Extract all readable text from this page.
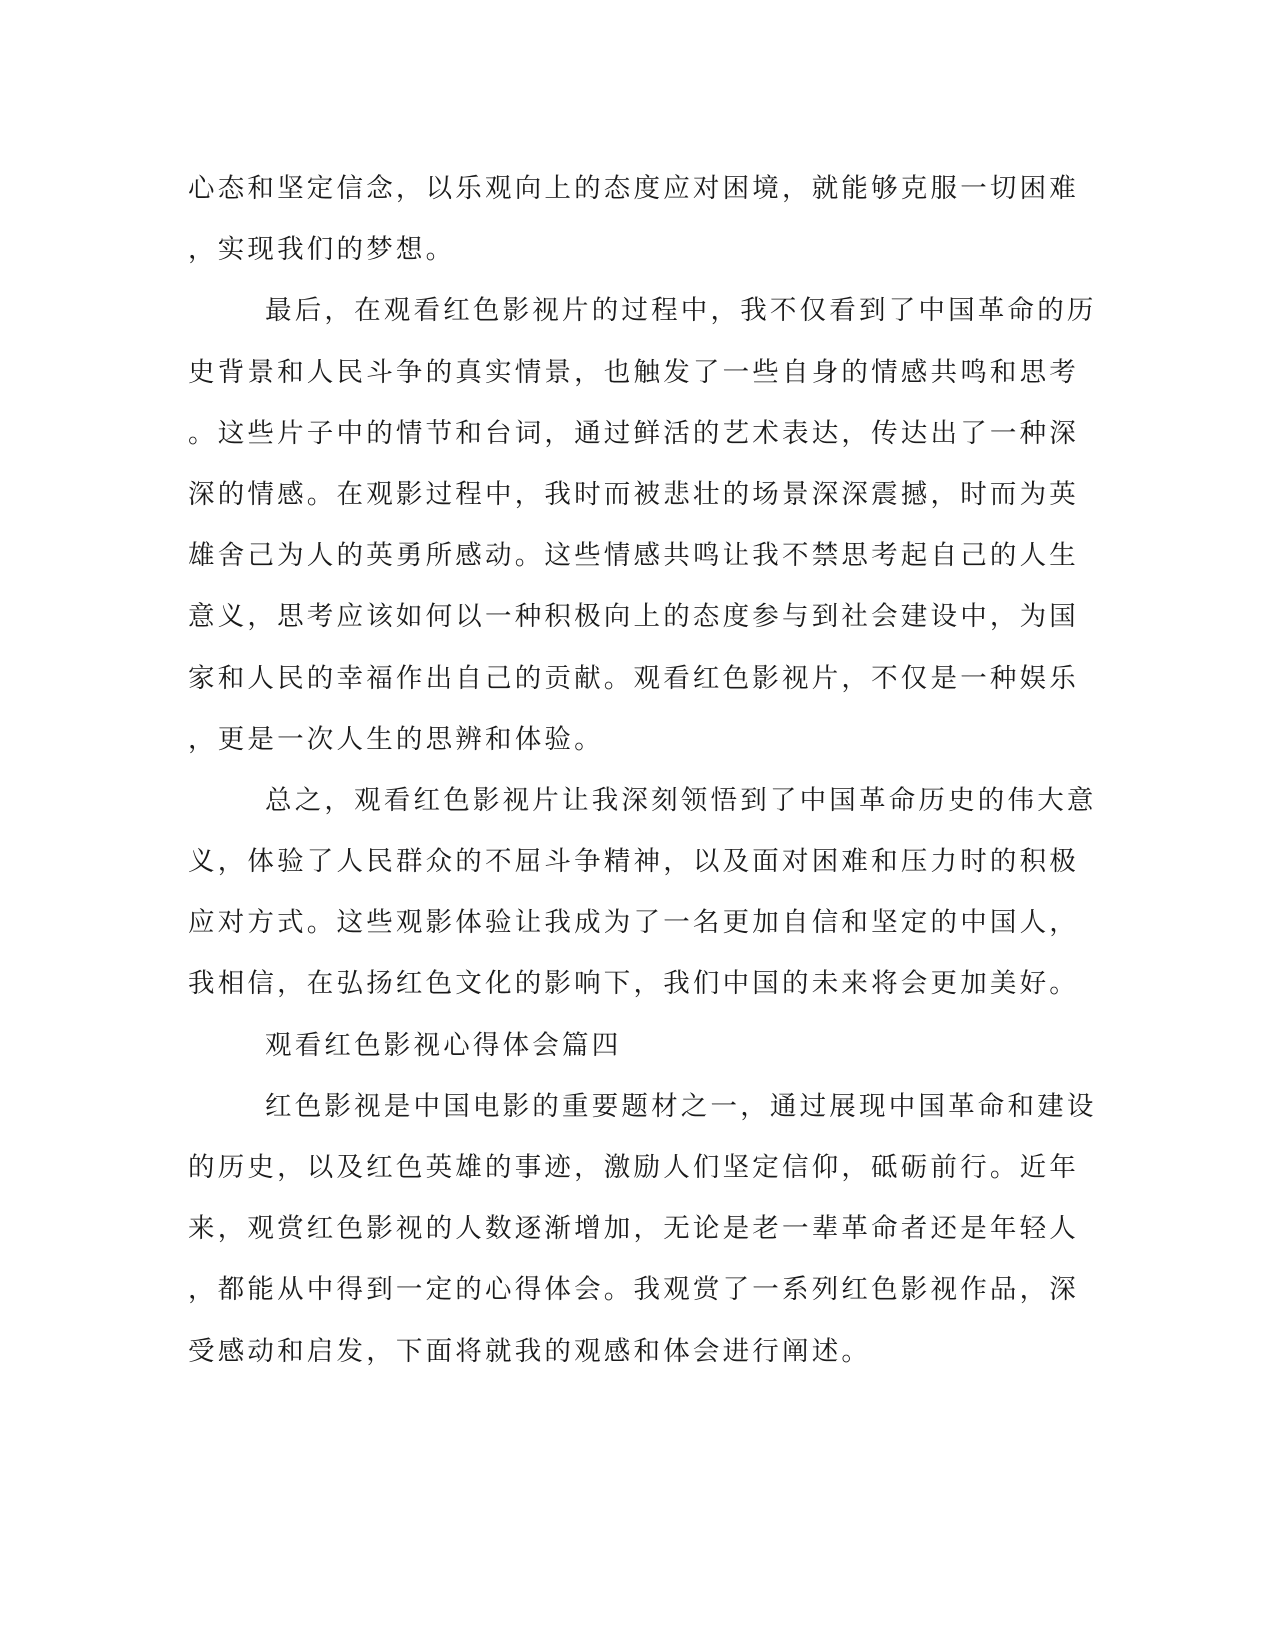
心态和坚定信念，以乐观向上的态度应对困境，就能够克服一切困难
，实现我们的梦想。
最后，在观看红色影视片的过程中，我不仅看到了中国革命的历
史背景和人民斗争的真实情景，也触发了一些自身的情感共鸣和思考
。这些片子中的情节和台词，通过鲜活的艺术表达，传达出了一种深
深的情感。在观影过程中，我时而被悲壮的场景深深震撼，时而为英
雄舍己为人的英勇所感动。这些情感共鸣让我不禁思考起自己的人生
意义，思考应该如何以一种积极向上的态度参与到社会建设中，为国
家和人民的幸福作出自己的贡献。观看红色影视片，不仅是一种娱乐
，更是一次人生的思辨和体验。
总之，观看红色影视片让我深刻领悟到了中国革命历史的伟大意
义，体验了人民群众的不屈斗争精神，以及面对困难和压力时的积极
应对方式。这些观影体验让我成为了一名更加自信和坚定的中国人，
我相信，在弘扬红色文化的影响下，我们中国的未来将会更加美好。
观看红色影视心得体会篇四
红色影视是中国电影的重要题材之一，通过展现中国革命和建设
的历史，以及红色英雄的事迹，激励人们坚定信仰，砥砺前行。近年
来，观赏红色影视的人数逐渐增加，无论是老一辈革命者还是年轻人
，都能从中得到一定的心得体会。我观赏了一系列红色影视作品，深
受感动和启发，下面将就我的观感和体会进行阐述。
